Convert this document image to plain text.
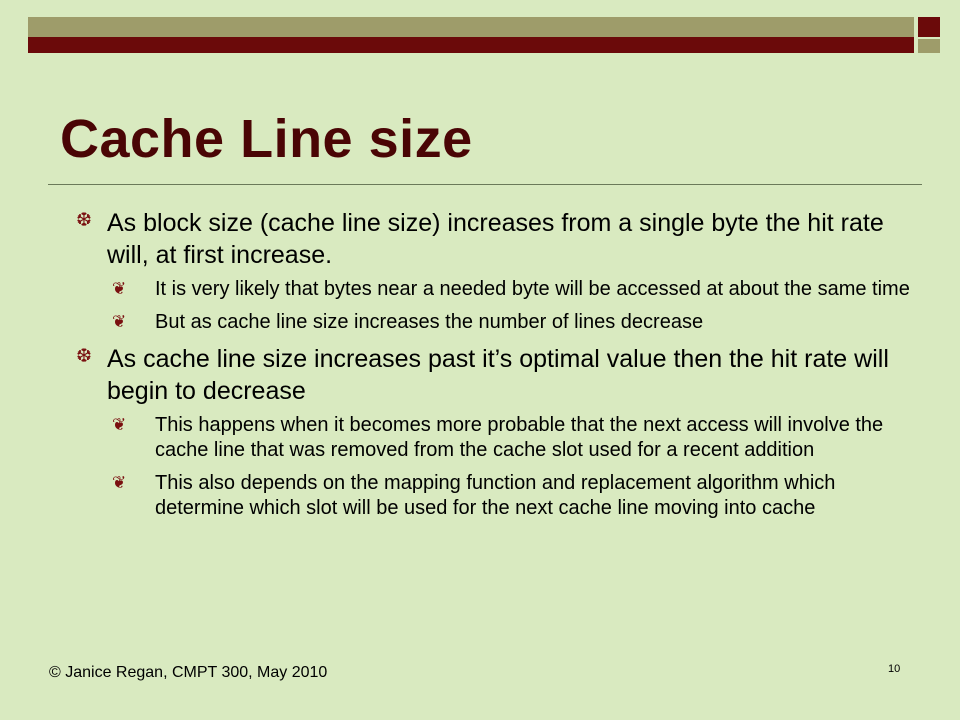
Cache Line size
❆ As block size (cache line size) increases from a single byte the hit rate will, at first increase.
❦ It is very likely that bytes near a needed byte will be accessed at about the same time
❦ But as cache line size increases the number of lines decrease
❆ As cache line size increases past it’s optimal value then the hit rate will begin to decrease
❦ This happens when it becomes more probable that the next access will involve the cache line that was removed from the cache slot used for a recent addition
❦ This also depends on the mapping function and replacement algorithm which determine which slot will be used for the next cache line moving into cache
© Janice Regan, CMPT 300, May 2010	10
